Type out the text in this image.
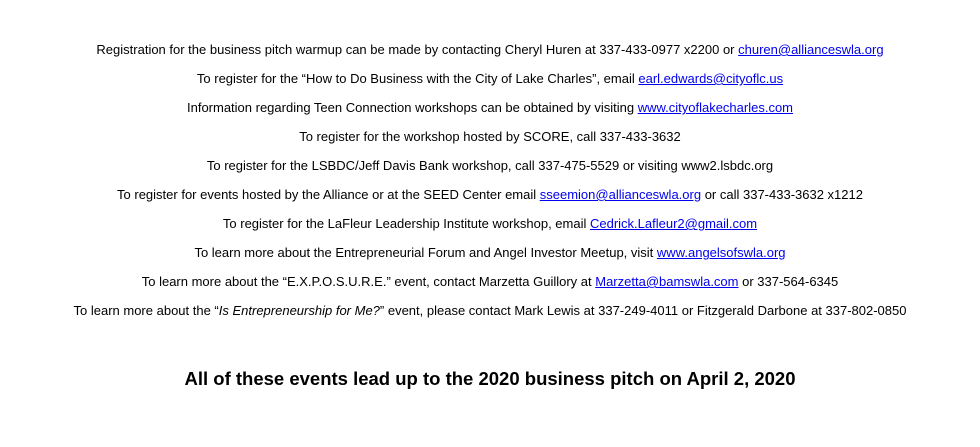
Registration for the business pitch warmup can be made by contacting Cheryl Huren at 337-433-0977 x2200 or churen@allianceswla.org

To register for the “How to Do Business with the City of Lake Charles”, email earl.edwards@cityoflc.us

Information regarding Teen Connection workshops can be obtained by visiting www.cityoflakecharles.com

To register for the workshop hosted by SCORE, call 337-433-3632

To register for the LSBDC/Jeff Davis Bank workshop, call 337-475-5529 or visiting www2.lsbdc.org

To register for events hosted by the Alliance or at the SEED Center email sseemion@allianceswla.org or call 337-433-3632 x1212

To register for the LaFleur Leadership Institute workshop, email Cedrick.Lafleur2@gmail.com

To learn more about the Entrepreneurial Forum and Angel Investor Meetup, visit www.angelsofswla.org

To learn more about the “E.X.P.O.S.U.R.E.” event, contact Marzetta Guillory at Marzetta@bamswla.com or 337-564-6345

To learn more about the “Is Entrepreneurship for Me?” event, please contact Mark Lewis at 337-249-4011 or Fitzgerald Darbone at 337-802-0850

All of these events lead up to the 2020 business pitch on April 2, 2020
